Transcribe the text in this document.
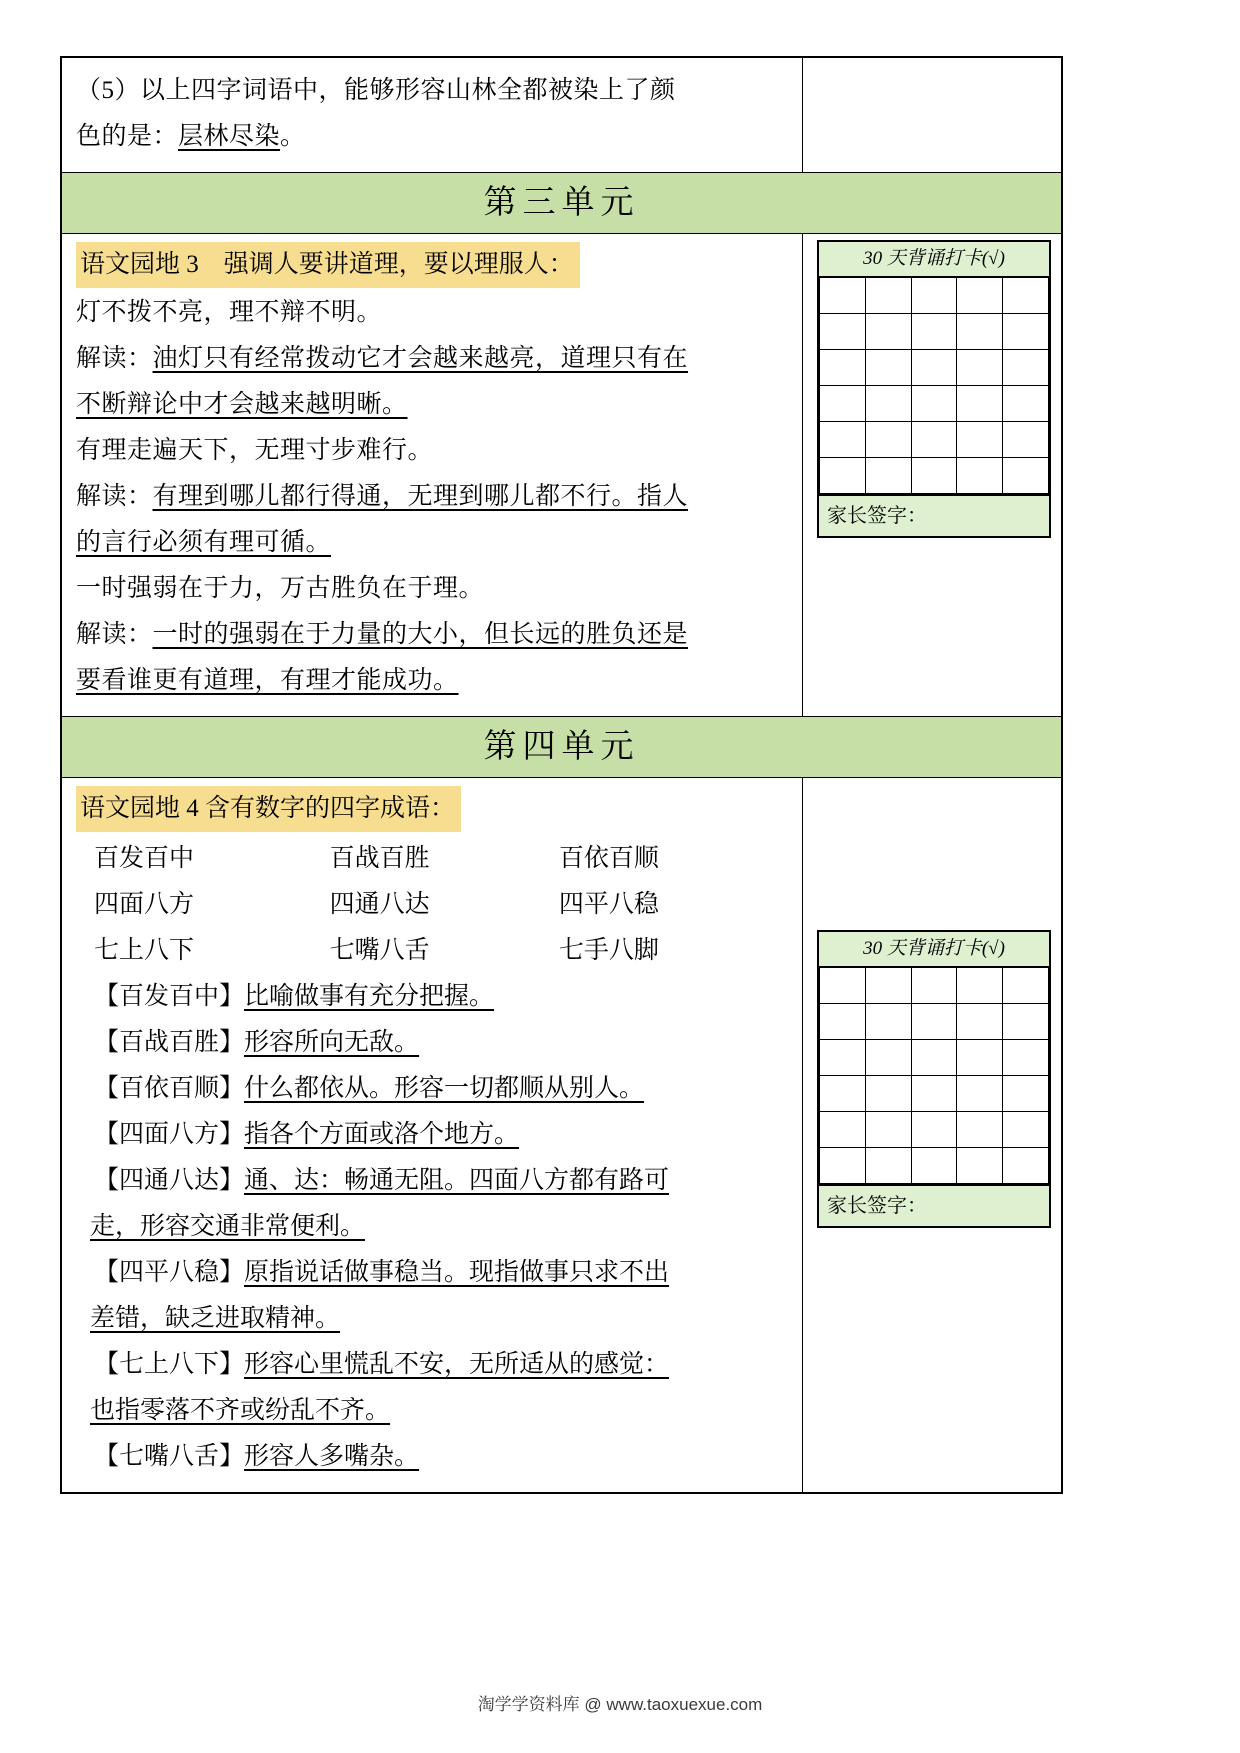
（5）以上四字词语中，能够形容山林全都被染上了颜
色的是：层林尽染。

第三单元

语文园地 3　强调人要讲道理，要以理服人：
灯不拨不亮，理不辩不明。
解读：油灯只有经常拨动它才会越来越亮，道理只有在
不断辩论中才会越来越明晰。
有理走遍天下，无理寸步难行。
解读：有理到哪儿都行得通，无理到哪儿都不行。指人
的言行必须有理可循。
一时强弱在于力，万古胜负在于理。
解读：一时的强弱在于力量的大小，但长远的胜负还是
要看谁更有道理，有理才能成功。

30 天背诵打卡(√)

家长签字：

第四单元

语文园地 4 含有数字的四字成语：
百发百中	百战百胜	百依百顺
四面八方	四通八达	四平八稳
七上八下	七嘴八舌	七手八脚
【百发百中】比喻做事有充分把握。
【百战百胜】形容所向无敌。
【百依百顺】什么都依从。形容一切都顺从别人。
【四面八方】指各个方面或洛个地方。
【四通八达】通、达：畅通无阻。四面八方都有路可
走，形容交通非常便利。
【四平八稳】原指说话做事稳当。现指做事只求不出
差错，缺乏进取精神。
【七上八下】形容心里慌乱不安，无所适从的感觉：
也指零落不齐或纷乱不齐。
【七嘴八舌】形容人多嘴杂。

30 天背诵打卡(√)

家长签字：
淘学学资料库 @ www.taoxuexue.com
